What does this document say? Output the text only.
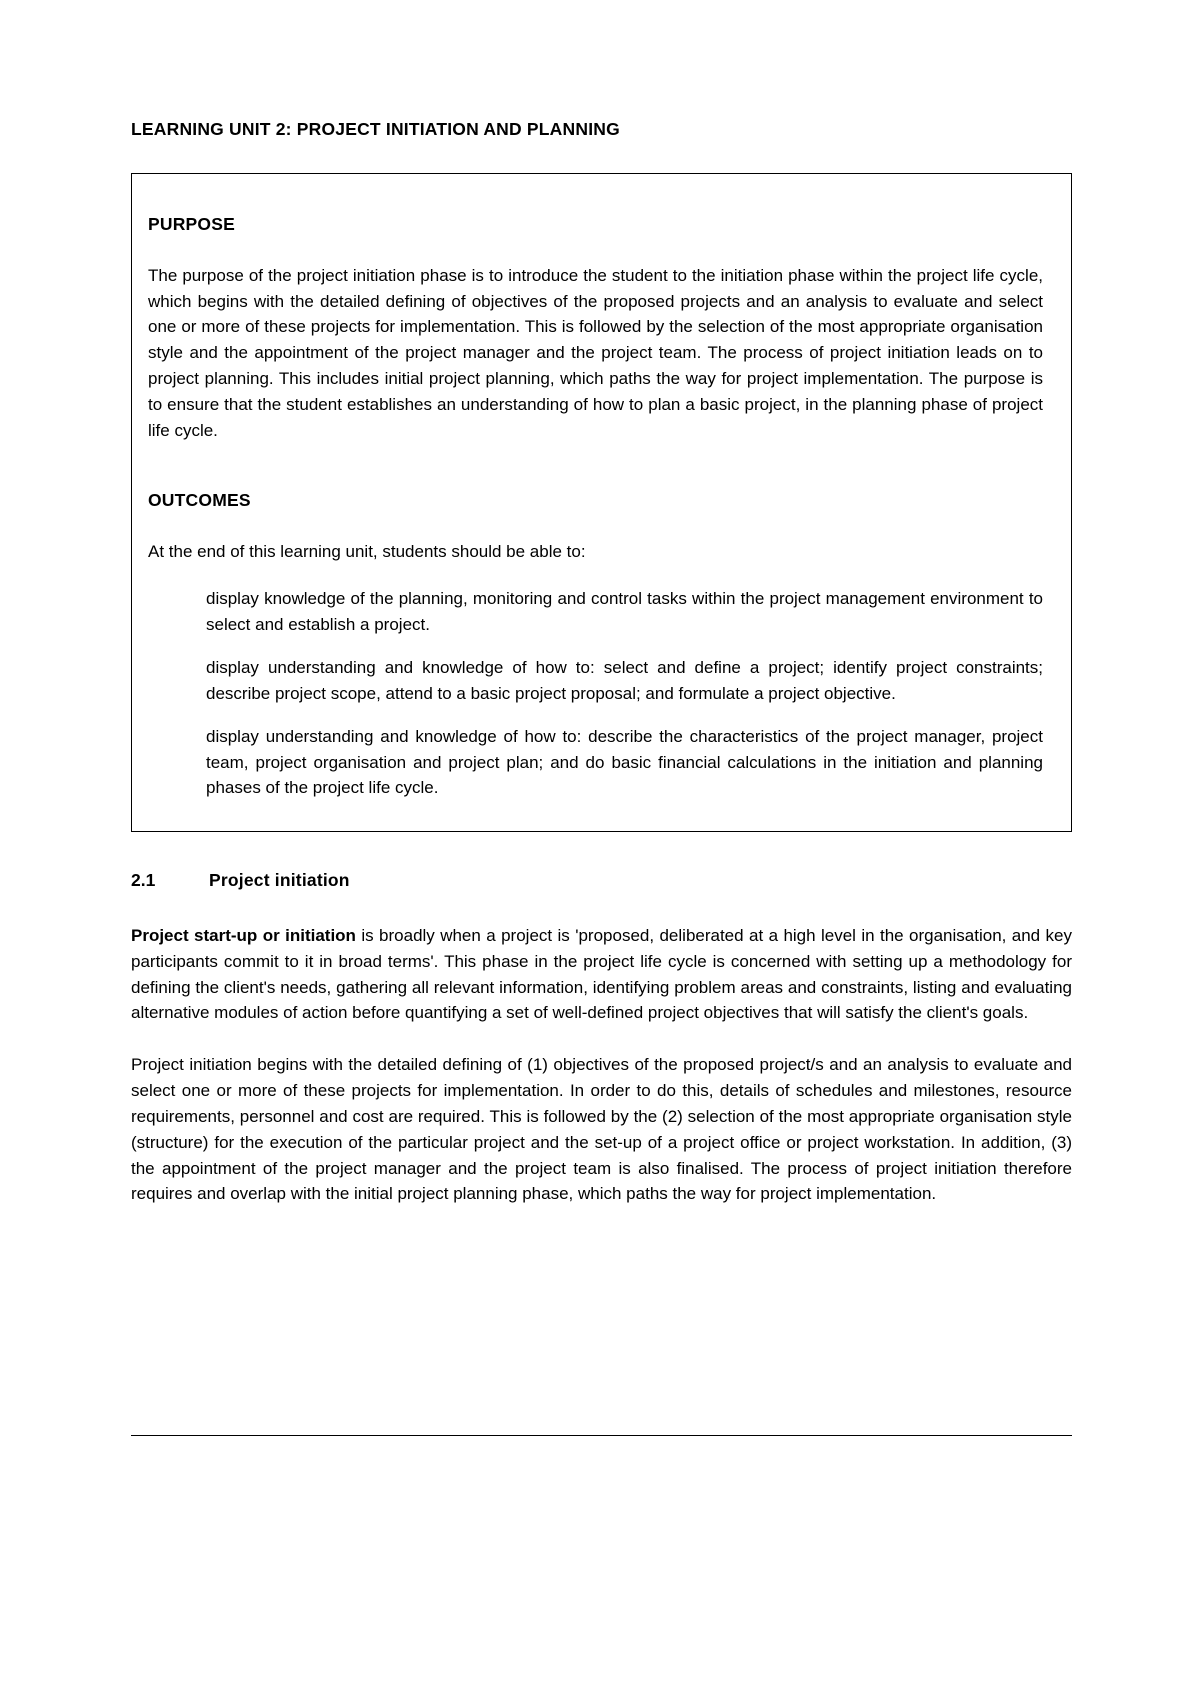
LEARNING UNIT 2: PROJECT INITIATION AND PLANNING
PURPOSE

The purpose of the project initiation phase is to introduce the student to the initiation phase within the project life cycle, which begins with the detailed defining of objectives of the proposed projects and an analysis to evaluate and select one or more of these projects for implementation. This is followed by the selection of the most appropriate organisation style and the appointment of the project manager and the project team. The process of project initiation leads on to project planning. This includes initial project planning, which paths the way for project implementation. The purpose is to ensure that the student establishes an understanding of how to plan a basic project, in the planning phase of project life cycle.

OUTCOMES

At the end of this learning unit, students should be able to:

display knowledge of the planning, monitoring and control tasks within the project management environment to select and establish a project.
display understanding and knowledge of how to: select and define a project; identify project constraints; describe project scope, attend to a basic project proposal; and formulate a project objective.
display understanding and knowledge of how to: describe the characteristics of the project manager, project team, project organisation and project plan; and do basic financial calculations in the initiation and planning phases of the project life cycle.
2.1	Project initiation

Project start-up or initiation is broadly when a project is 'proposed, deliberated at a high level in the organisation, and key participants commit to it in broad terms'. This phase in the project life cycle is concerned with setting up a methodology for defining the client's needs, gathering all relevant information, identifying problem areas and constraints, listing and evaluating alternative modules of action before quantifying a set of well-defined project objectives that will satisfy the client's goals.

Project initiation begins with the detailed defining of (1) objectives of the proposed project/s and an analysis to evaluate and select one or more of these projects for implementation. In order to do this, details of schedules and milestones, resource requirements, personnel and cost are required. This is followed by the (2) selection of the most appropriate organisation style (structure) for the execution of the particular project and the set-up of a project office or project workstation. In addition, (3) the appointment of the project manager and the project team is also finalised. The process of project initiation therefore requires and overlap with the initial project planning phase, which paths the way for project implementation.
